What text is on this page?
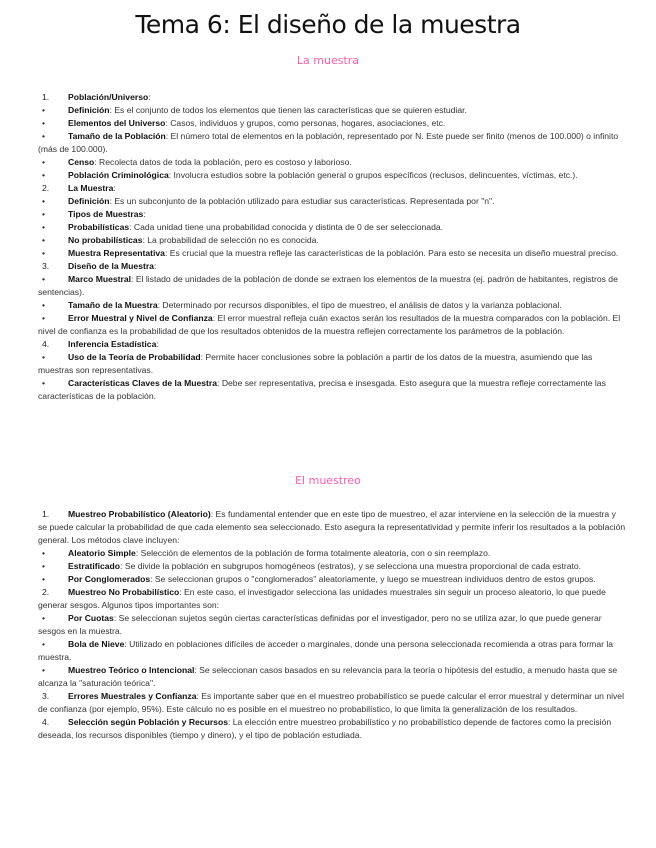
Tema 6: El diseño de la muestra
La muestra
1. Población/Universo:
•	Definición: Es el conjunto de todos los elementos que tienen las características que se quieren estudiar.
•	Elementos del Universo: Casos, individuos y grupos, como personas, hogares, asociaciones, etc.
•	Tamaño de la Población: El número total de elementos en la población, representado por N. Este puede ser finito (menos de 100.000) o infinito (más de 100.000).
•	Censo: Recolecta datos de toda la población, pero es costoso y laborioso.
•	Población Criminológica: Involucra estudios sobre la población general o grupos específicos (reclusos, delincuentes, víctimas, etc.).
2. La Muestra:
•	Definición: Es un subconjunto de la población utilizado para estudiar sus características. Representada por "n".
•	Tipos de Muestras:
•	Probabilísticas: Cada unidad tiene una probabilidad conocida y distinta de 0 de ser seleccionada.
•	No probabilísticas: La probabilidad de selección no es conocida.
•	Muestra Representativa: Es crucial que la muestra refleje las características de la población. Para esto se necesita un diseño muestral preciso.
3. Diseño de la Muestra:
•	Marco Muestral: El listado de unidades de la población de donde se extraen los elementos de la muestra (ej. padrón de habitantes, registros de sentencias).
•	Tamaño de la Muestra: Determinado por recursos disponibles, el tipo de muestreo, el análisis de datos y la varianza poblacional.
•	Error Muestral y Nivel de Confianza: El error muestral refleja cuán exactos serán los resultados de la muestra comparados con la población. El nivel de confianza es la probabilidad de que los resultados obtenidos de la muestra reflejen correctamente los parámetros de la población.
4. Inferencia Estadística:
•	Uso de la Teoría de Probabilidad: Permite hacer conclusiones sobre la población a partir de los datos de la muestra, asumiendo que las muestras son representativas.
•	Características Claves de la Muestra: Debe ser representativa, precisa e insesgada. Esto asegura que la muestra refleje correctamente las características de la población.
El muestreo
1. Muestreo Probabilístico (Aleatorio): Es fundamental entender que en este tipo de muestreo, el azar interviene en la selección de la muestra y se puede calcular la probabilidad de que cada elemento sea seleccionado. Esto asegura la representatividad y permite inferir los resultados a la población general. Los métodos clave incluyen:
•	Aleatorio Simple: Selección de elementos de la población de forma totalmente aleatoria, con o sin reemplazo.
•	Estratificado: Se divide la población en subgrupos homogéneos (estratos), y se selecciona una muestra proporcional de cada estrato.
•	Por Conglomerados: Se seleccionan grupos o "conglomerados" aleatoriamente, y luego se muestrean individuos dentro de estos grupos.
2. Muestreo No Probabilístico: En este caso, el investigador selecciona las unidades muestrales sin seguir un proceso aleatorio, lo que puede generar sesgos. Algunos tipos importantes son:
•	Por Cuotas: Se seleccionan sujetos según ciertas características definidas por el investigador, pero no se utiliza azar, lo que puede generar sesgos en la muestra.
•	Bola de Nieve: Utilizado en poblaciones difíciles de acceder o marginales, donde una persona seleccionada recomienda a otras para formar la muestra.
•	Muestreo Teórico o Intencional: Se seleccionan casos basados en su relevancia para la teoría o hipótesis del estudio, a menudo hasta que se alcanza la "saturación teórica".
3. Errores Muestrales y Confianza: Es importante saber que en el muestreo probabilístico se puede calcular el error muestral y determinar un nivel de confianza (por ejemplo, 95%). Este cálculo no es posible en el muestreo no probabilístico, lo que limita la generalización de los resultados.
4. Selección según Población y Recursos: La elección entre muestreo probabilístico y no probabilístico depende de factores como la precisión deseada, los recursos disponibles (tiempo y dinero), y el tipo de población estudiada.
